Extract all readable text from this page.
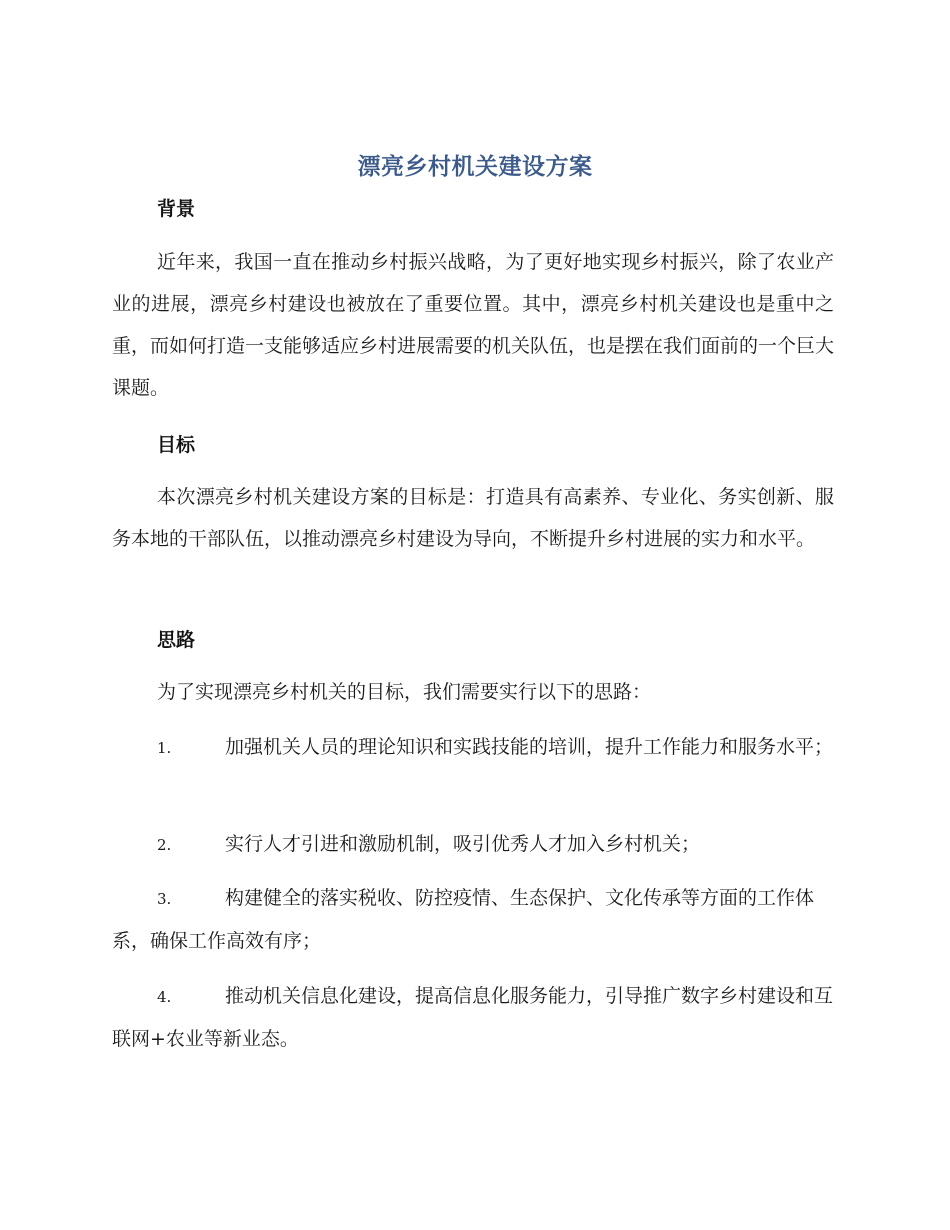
漂亮乡村机关建设方案
背景
近年来，我国一直在推动乡村振兴战略，为了更好地实现乡村振兴，除了农业产业的进展，漂亮乡村建设也被放在了重要位置。其中，漂亮乡村机关建设也是重中之重，而如何打造一支能够适应乡村进展需要的机关队伍，也是摆在我们面前的一个巨大课题。
目标
本次漂亮乡村机关建设方案的目标是：打造具有高素养、专业化、务实创新、服务本地的干部队伍，以推动漂亮乡村建设为导向，不断提升乡村进展的实力和水平。
思路
为了实现漂亮乡村机关的目标，我们需要实行以下的思路：
1.	加强机关人员的理论知识和实践技能的培训，提升工作能力和服务水平；
2.	实行人才引进和激励机制，吸引优秀人才加入乡村机关；
3.	构建健全的落实税收、防控疫情、生态保护、文化传承等方面的工作体系，确保工作高效有序；
4.	推动机关信息化建设，提高信息化服务能力，引导推广数字乡村建设和互联网+农业等新业态。
